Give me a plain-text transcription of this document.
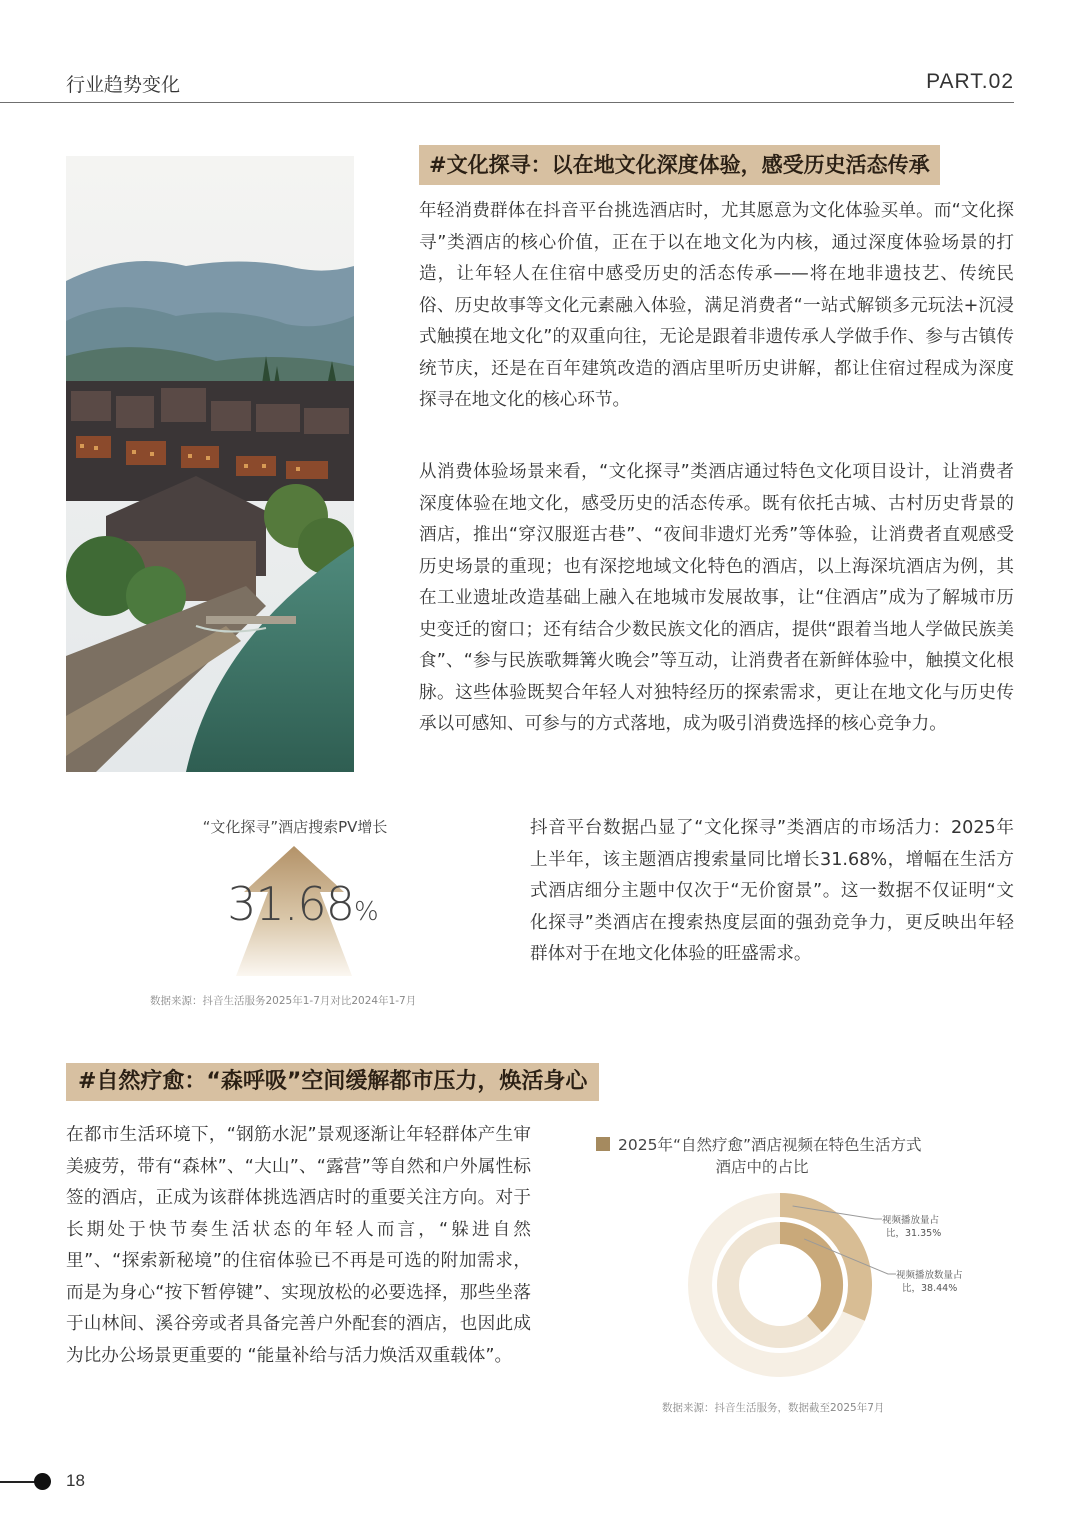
行业趋势变化	PART.02
#文化探寻：以在地文化深度体验，感受历史活态传承

年轻消费群体在抖音平台挑选酒店时，尤其愿意为文化体验买单。而“文化探寻”类酒店的核心价值，正在于以在地文化为内核，通过深度体验场景的打造，让年轻人在住宿中感受历史的活态传承——将在地非遗技艺、传统民俗、历史故事等文化元素融入体验，满足消费者“一站式解锁多元玩法+沉浸式触摸在地文化”的双重向往，无论是跟着非遗传承人学做手作、参与古镇传统节庆，还是在百年建筑改造的酒店里听历史讲解，都让住宿过程成为深度探寻在地文化的核心环节。

从消费体验场景来看，“文化探寻”类酒店通过特色文化项目设计，让消费者深度体验在地文化，感受历史的活态传承。既有依托古城、古村历史背景的酒店，推出“穿汉服逛古巷”、“夜间非遗灯光秀”等体验，让消费者直观感受历史场景的重现；也有深挖地域文化特色的酒店，以上海深坑酒店为例，其在工业遗址改造基础上融入在地城市发展故事，让“住酒店”成为了解城市历史变迁的窗口；还有结合少数民族文化的酒店，提供“跟着当地人学做民族美食”、“参与民族歌舞篝火晚会”等互动，让消费者在新鲜体验中，触摸文化根脉。这些体验既契合年轻人对独特经历的探索需求，更让在地文化与历史传承以可感知、可参与的方式落地，成为吸引消费选择的核心竞争力。

“文化探寻”酒店搜索PV增长
31.68%
数据来源：抖音生活服务2025年1-7月对比2024年1-7月

抖音平台数据凸显了“文化探寻”类酒店的市场活力：2025年上半年，该主题酒店搜索量同比增长31.68%，增幅在生活方式酒店细分主题中仅次于“无价窗景”。这一数据不仅证明“文化探寻”类酒店在搜索热度层面的强劲竞争力，更反映出年轻群体对于在地文化体验的旺盛需求。

#自然疗愈：“森呼吸”空间缓解都市压力，焕活身心

在都市生活环境下，“钢筋水泥”景观逐渐让年轻群体产生审美疲劳，带有“森林”、“大山”、“露营”等自然和户外属性标签的酒店，正成为该群体挑选酒店时的重要关注方向。对于长期处于快节奏生活状态的年轻人而言，“躲进自然里”、“探索新秘境”的住宿体验已不再是可选的附加需求，而是为身心“按下暂停键”、实现放松的必要选择，那些坐落于山林间、溪谷旁或者具备完善户外配套的酒店，也因此成为比办公场景更重要的 “能量补给与活力焕活双重载体”。

2025年“自然疗愈”酒店视频在特色生活方式
酒店中的占比
视频播放量占
比，31.35%
视频播放数量占
比，38.44%
数据来源：抖音生活服务，数据截至2025年7月
18
